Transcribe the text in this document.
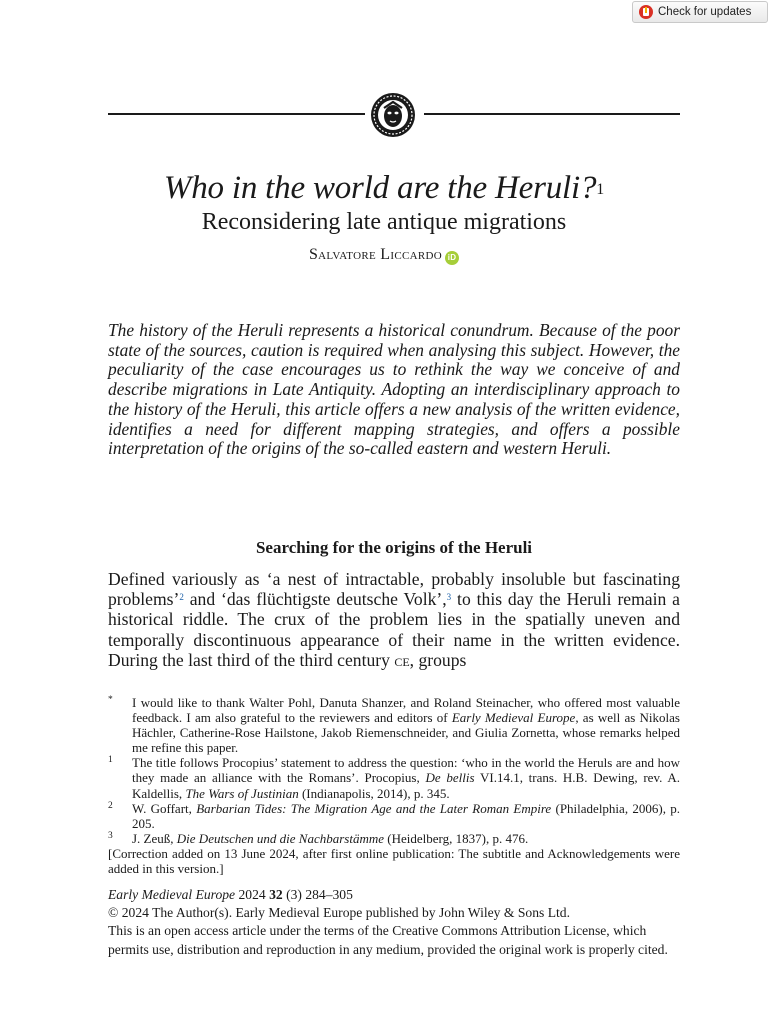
Check for updates
Who in the world are the Heruli?$^1$
Reconsidering late antique migrations
Salvatore Liccardo iD
The history of the Heruli represents a historical conundrum. Because of the poor state of the sources, caution is required when analysing this subject. However, the peculiarity of the case encourages us to rethink the way we conceive of and describe migrations in Late Antiquity. Adopting an interdisciplinary approach to the history of the Heruli, this article offers a new analysis of the written evidence, identifies a need for different mapping strategies, and offers a possible interpretation of the origins of the so-called eastern and western Heruli.
Searching for the origins of the Heruli
Defined variously as ‘a nest of intractable, probably insoluble but fascinating problems’$^2$ and ‘das flüchtigste deutsche Volk’,$^3$ to this day the Heruli remain a historical riddle. The crux of the problem lies in the spatially uneven and temporally discontinuous appearance of their name in the written evidence. During the last third of the third century ce, groups
* I would like to thank Walter Pohl, Danuta Shanzer, and Roland Steinacher, who offered most valuable feedback. I am also grateful to the reviewers and editors of Early Medieval Europe, as well as Nikolas Hächler, Catherine-Rose Hailstone, Jakob Riemenschneider, and Giulia Zornetta, whose remarks helped me refine this paper.
1 The title follows Procopius’ statement to address the question: ‘who in the world the Heruls are and how they made an alliance with the Romans’. Procopius, De bellis VI.14.1, trans. H.B. Dewing, rev. A. Kaldellis, The Wars of Justinian (Indianapolis, 2014), p. 345.
2 W. Goffart, Barbarian Tides: The Migration Age and the Later Roman Empire (Philadelphia, 2006), p. 205.
3 J. Zeuß, Die Deutschen und die Nachbarstämme (Heidelberg, 1837), p. 476.
[Correction added on 13 June 2024, after first online publication: The subtitle and Acknowledgements were added in this version.]
Early Medieval Europe 2024 32 (3) 284–305
© 2024 The Author(s). Early Medieval Europe published by John Wiley & Sons Ltd.
This is an open access article under the terms of the Creative Commons Attribution License, which permits use, distribution and reproduction in any medium, provided the original work is properly cited.
